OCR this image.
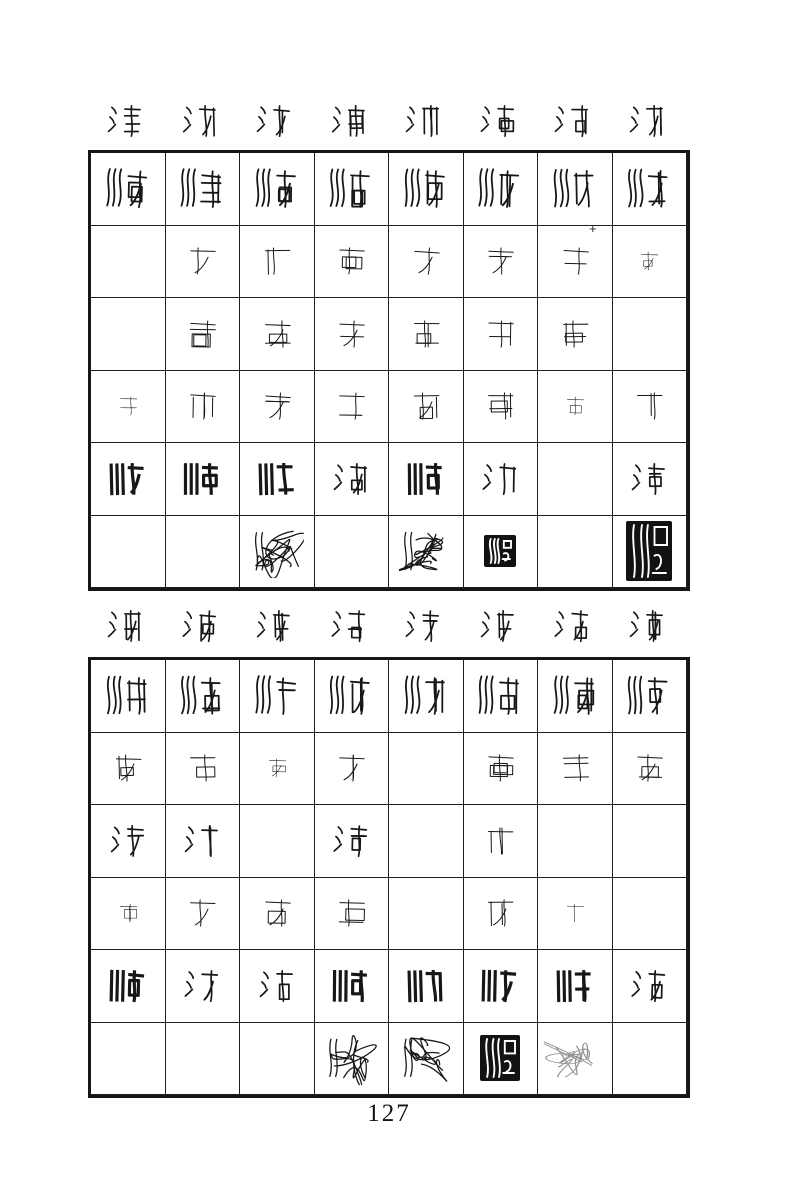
+
127
